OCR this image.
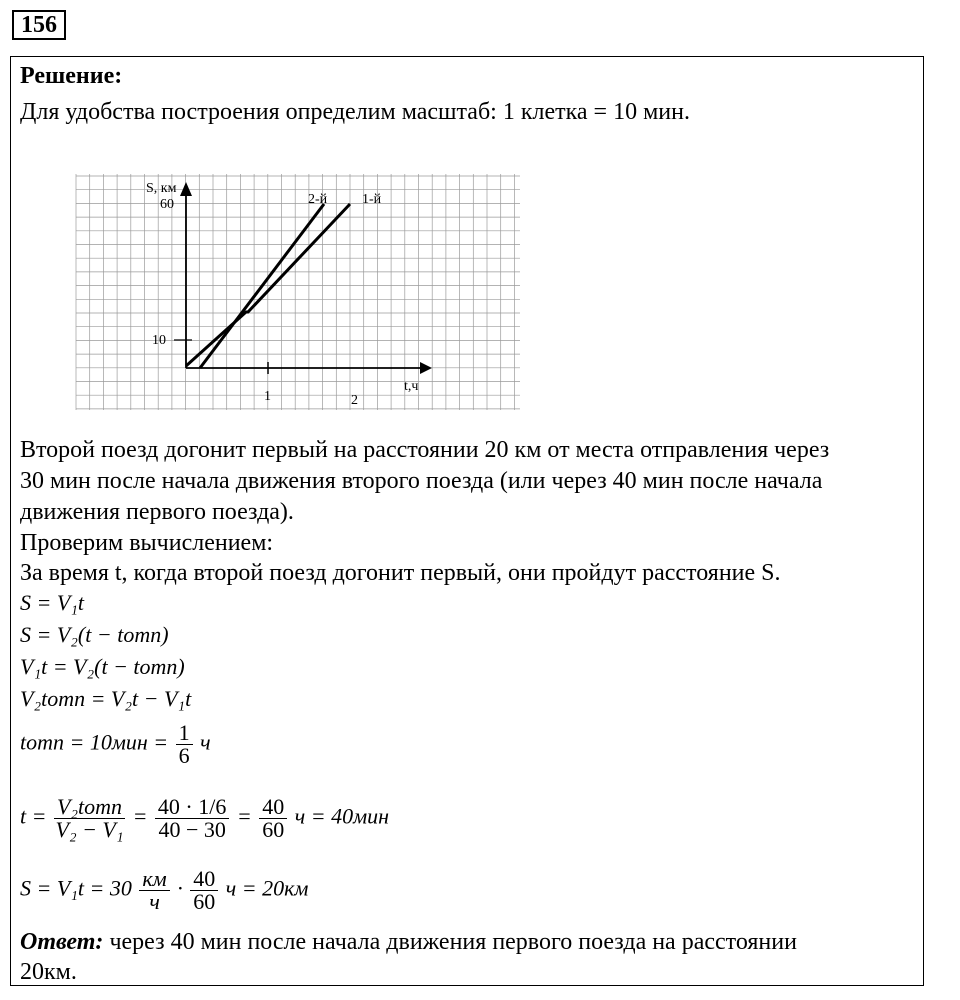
156
Решение:
Для удобства построения определим масштаб: 1 клетка = 10 мин.
S, км
60
10
t,ч
1	2
2-й 1-й
Второй поезд догонит первый на расстоянии 20 км от места отправления через
30 мин после начала движения второго поезда (или через 40 мин после начала
движения первого поезда).
Проверим вычислением:
За время t, когда второй поезд догонит первый, они пройдут расстояние S.
S = V₁t
S = V₂(t − tотп)
V₁t = V₂(t − tотп)
V₂tотп = V₂t − V₁t
tотп = $10мин = \frac{1}{6}$ ч
$t = \frac{\text{V₂tотп}}{\text{V₂ − V₁}} = \frac{40 \cdot 1/6}{40 - 30} = \frac{40}{60}$ ч = 40мин
$S = V_1t = 30 \frac{км}{ч} \cdot \frac{40}{60}$ ч = 20км
Ответ: через 40 мин после начала движения первого поезда на расстоянии
20км.
